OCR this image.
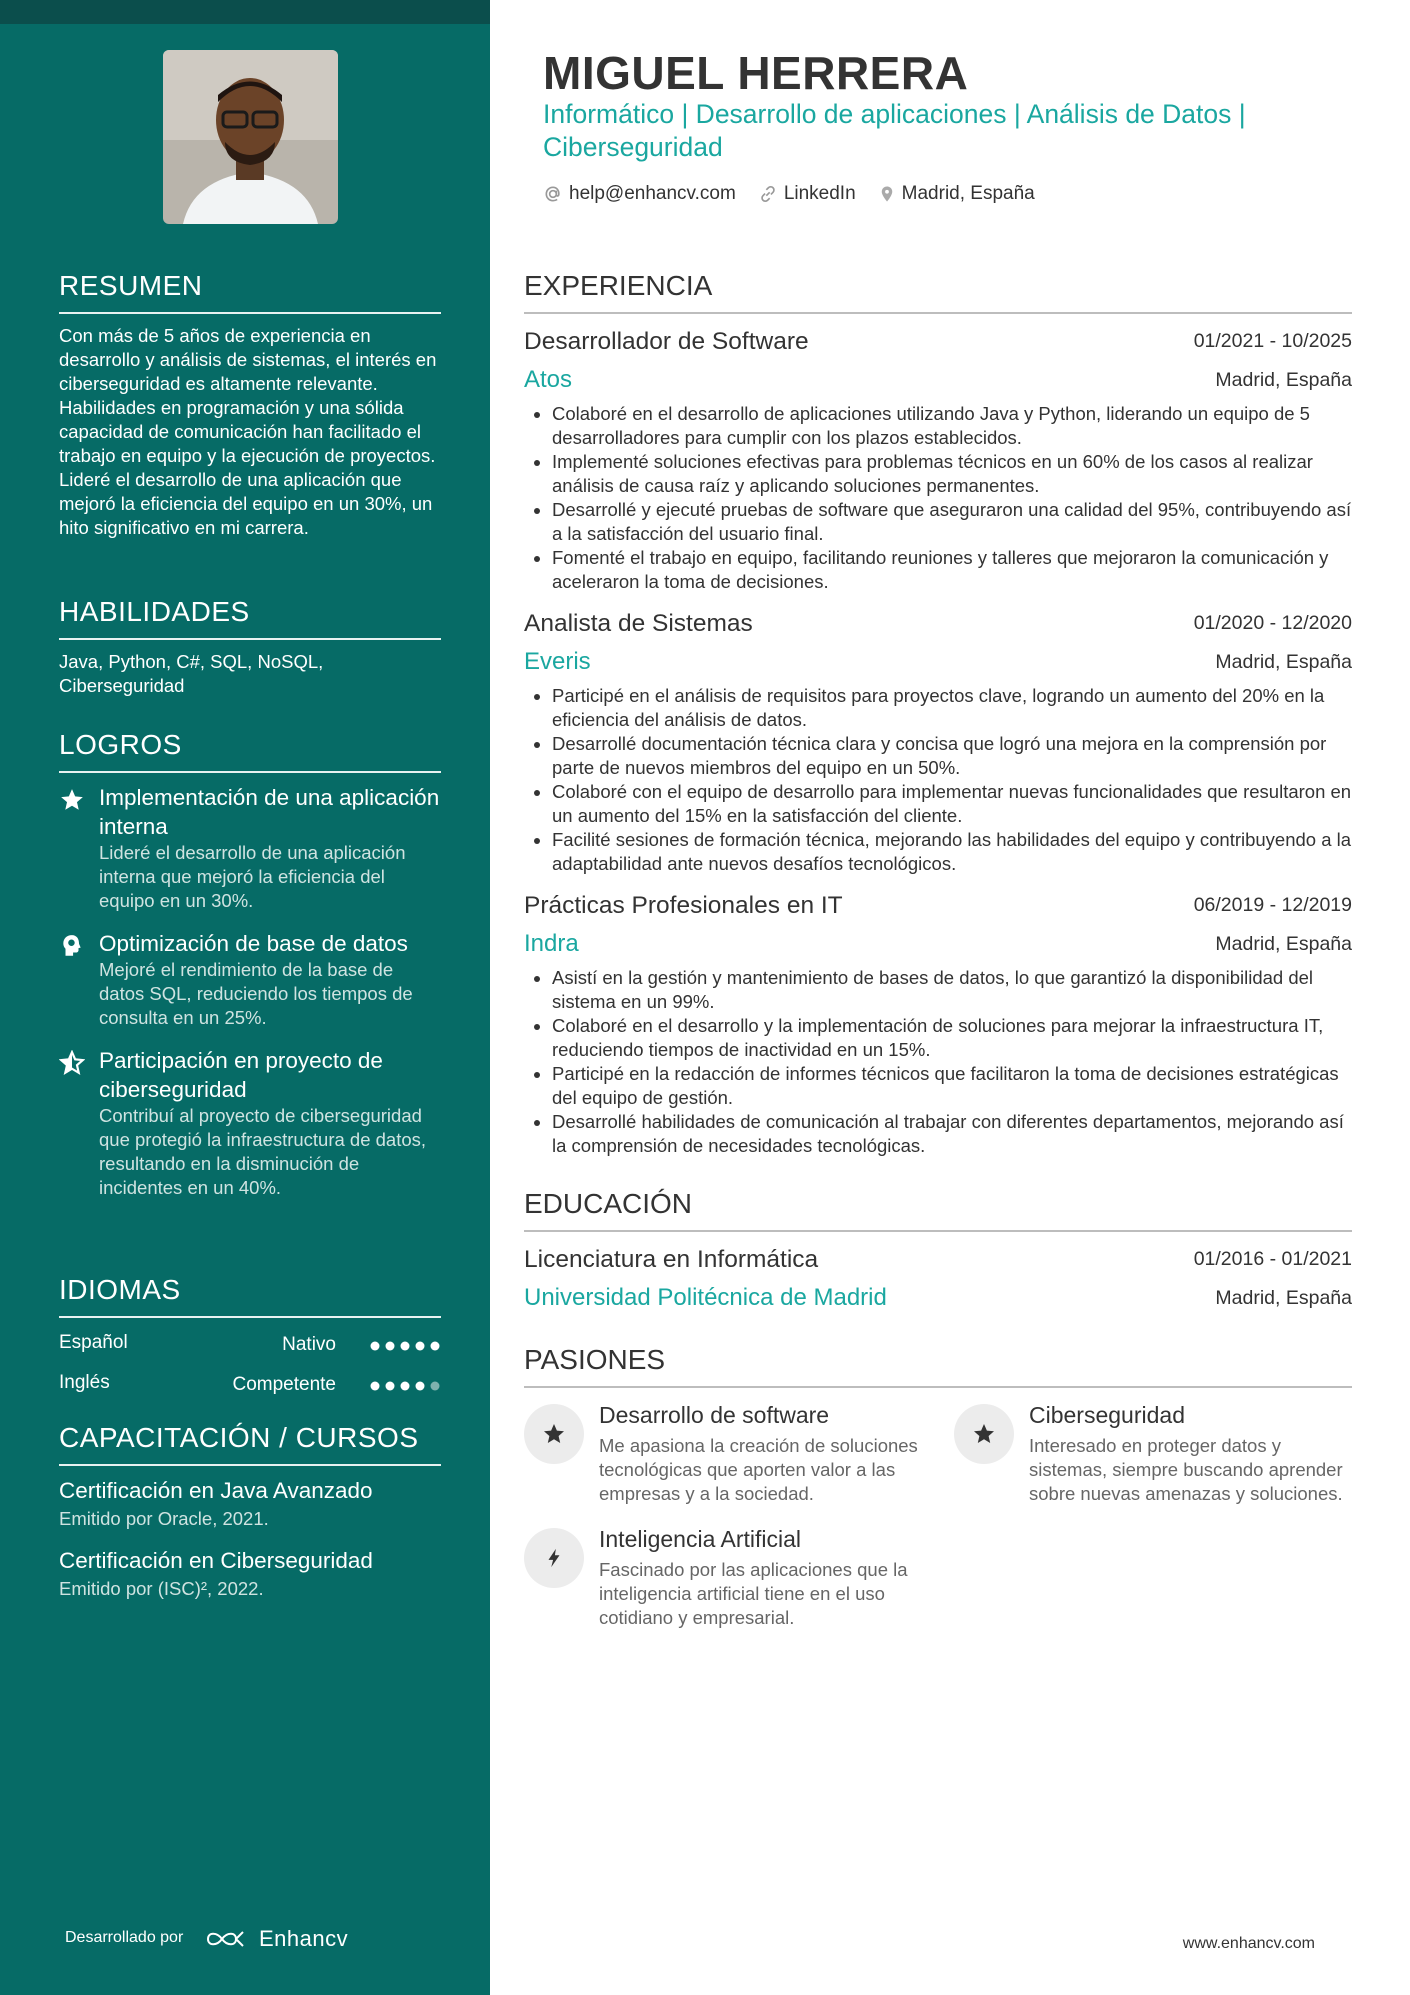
RESUMEN
Con más de 5 años de experiencia en desarrollo y análisis de sistemas, el interés en ciberseguridad es altamente relevante. Habilidades en programación y una sólida capacidad de comunicación han facilitado el trabajo en equipo y la ejecución de proyectos. Lideré el desarrollo de una aplicación que mejoró la eficiencia del equipo en un 30%, un hito significativo en mi carrera.
HABILIDADES
Java, Python, C#, SQL, NoSQL, Ciberseguridad
LOGROS
Implementación de una aplicación interna
Lideré el desarrollo de una aplicación interna que mejoró la eficiencia del equipo en un 30%.
Optimización de base de datos
Mejoré el rendimiento de la base de datos SQL, reduciendo los tiempos de consulta en un 25%.
Participación en proyecto de ciberseguridad
Contribuí al proyecto de ciberseguridad que protegió la infraestructura de datos, resultando en la disminución de incidentes en un 40%.
IDIOMAS
Español	Nativo
Inglés	Competente
CAPACITACIÓN / CURSOS
Certificación en Java Avanzado
Emitido por Oracle, 2021.
Certificación en Ciberseguridad
Emitido por (ISC)², 2022.
Desarrollado por	Enhancv
MIGUEL HERRERA
Informático | Desarrollo de aplicaciones | Análisis de Datos | Ciberseguridad
help@enhancv.com	LinkedIn Madrid, España
EXPERIENCIA
Desarrollador de Software	01/2021 - 10/2025
Atos	Madrid, España
• Colaboré en el desarrollo de aplicaciones utilizando Java y Python, liderando un equipo de 5 desarrolladores para cumplir con los plazos establecidos.
• Implementé soluciones efectivas para problemas técnicos en un 60% de los casos al realizar análisis de causa raíz y aplicando soluciones permanentes.
• Desarrollé y ejecuté pruebas de software que aseguraron una calidad del 95%, contribuyendo así a la satisfacción del usuario final.
• Fomenté el trabajo en equipo, facilitando reuniones y talleres que mejoraron la comunicación y aceleraron la toma de decisiones.
Analista de Sistemas	01/2020 - 12/2020
Everis	Madrid, España
• Participé en el análisis de requisitos para proyectos clave, logrando un aumento del 20% en la eficiencia del análisis de datos.
• Desarrollé documentación técnica clara y concisa que logró una mejora en la comprensión por parte de nuevos miembros del equipo en un 50%.
• Colaboré con el equipo de desarrollo para implementar nuevas funcionalidades que resultaron en un aumento del 15% en la satisfacción del cliente.
• Facilité sesiones de formación técnica, mejorando las habilidades del equipo y contribuyendo a la adaptabilidad ante nuevos desafíos tecnológicos.
Prácticas Profesionales en IT	06/2019 - 12/2019
Indra	Madrid, España
• Asistí en la gestión y mantenimiento de bases de datos, lo que garantizó la disponibilidad del sistema en un 99%.
• Colaboré en el desarrollo y la implementación de soluciones para mejorar la infraestructura IT, reduciendo tiempos de inactividad en un 15%.
• Participé en la redacción de informes técnicos que facilitaron la toma de decisiones estratégicas del equipo de gestión.
• Desarrollé habilidades de comunicación al trabajar con diferentes departamentos, mejorando así la comprensión de necesidades tecnológicas.
EDUCACIÓN
Licenciatura en Informática	01/2016 - 01/2021
Universidad Politécnica de Madrid	Madrid, España
PASIONES
Desarrollo de software
Me apasiona la creación de soluciones tecnológicas que aporten valor a las empresas y a la sociedad.
Ciberseguridad
Interesado en proteger datos y sistemas, siempre buscando aprender sobre nuevas amenazas y soluciones.
Inteligencia Artificial
Fascinado por las aplicaciones que la inteligencia artificial tiene en el uso cotidiano y empresarial.
www.enhancv.com
